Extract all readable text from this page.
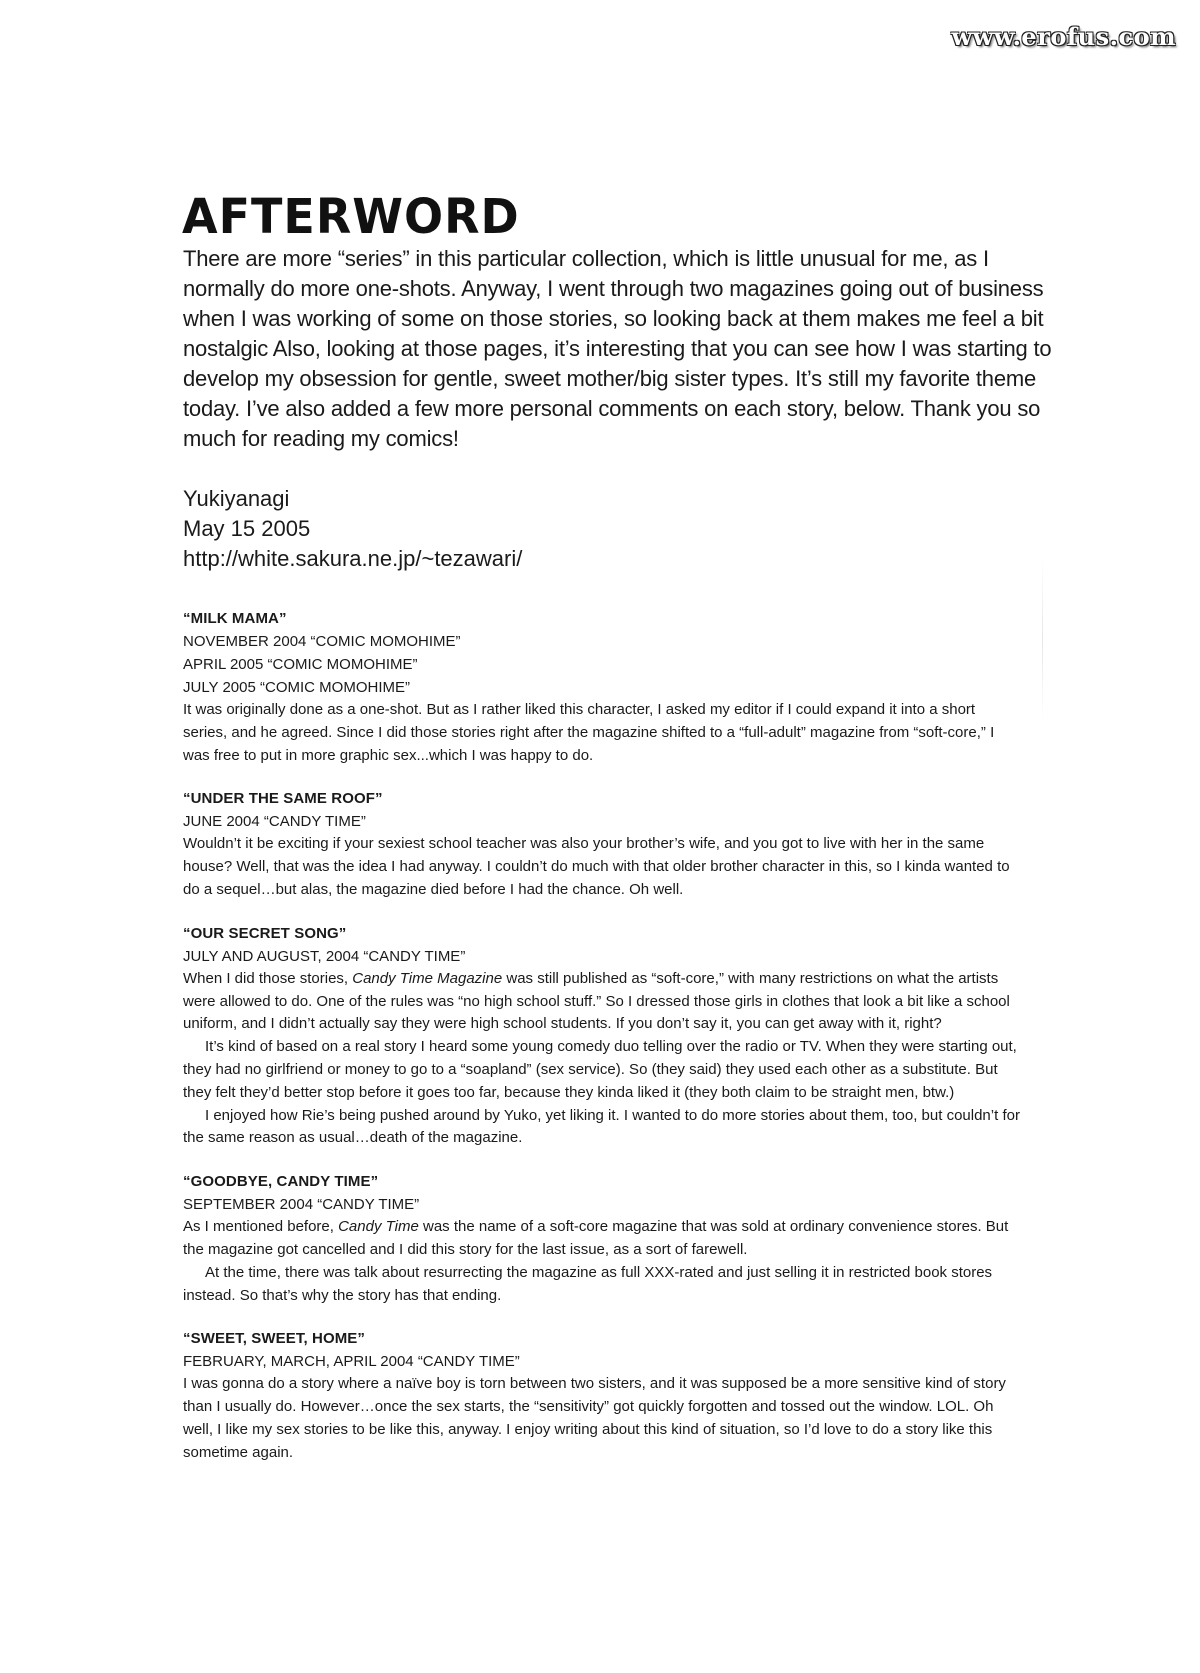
www.erofus.com
AFTERWORD

There are more “series” in this particular collection, which is little unusual for me, as I normally do more one-shots. Anyway, I went through two magazines going out of business when I was working of some on those stories, so looking back at them makes me feel a bit nostalgic Also, looking at those pages, it’s interesting that you can see how I was starting to develop my obsession for gentle, sweet mother/big sister types. It’s still my favorite theme today. I’ve also added a few more personal comments on each story, below. Thank you so much for reading my comics!

Yukiyanagi
May 15 2005
http://white.sakura.ne.jp/~tezawari/
“MILK MAMA”
NOVEMBER 2004 “COMIC MOMOHIME”
APRIL 2005 “COMIC MOMOHIME”
JULY 2005 “COMIC MOMOHIME”

It was originally done as a one-shot. But as I rather liked this character, I asked my editor if I could expand it into a short series, and he agreed. Since I did those stories right after the magazine shifted to a “full-adult” magazine from “soft-core,” I was free to put in more graphic sex...which I was happy to do.

“UNDER THE SAME ROOF”
JUNE 2004 “CANDY TIME”

Wouldn’t it be exciting if your sexiest school teacher was also your brother’s wife, and you got to live with her in the same house? Well, that was the idea I had anyway. I couldn’t do much with that older brother character in this, so I kinda wanted to do a sequel…but alas, the magazine died before I had the chance. Oh well.

“OUR SECRET SONG”
JULY AND AUGUST, 2004 “CANDY TIME”

When I did those stories, Candy Time Magazine was still published as “soft-core,” with many restrictions on what the artists were allowed to do. One of the rules was “no high school stuff.” So I dressed those girls in clothes that look a bit like a school uniform, and I didn’t actually say they were high school students. If you don’t say it, you can get away with it, right?

It’s kind of based on a real story I heard some young comedy duo telling over the radio or TV. When they were starting out, they had no girlfriend or money to go to a “soapland” (sex service). So (they said) they used each other as a substitute. But they felt they’d better stop before it goes too far, because they kinda liked it (they both claim to be straight men, btw.)

I enjoyed how Rie’s being pushed around by Yuko, yet liking it. I wanted to do more stories about them, too, but couldn’t for the same reason as usual…death of the magazine.

“GOODBYE, CANDY TIME”
SEPTEMBER 2004 “CANDY TIME”

As I mentioned before, Candy Time was the name of a soft-core magazine that was sold at ordinary convenience stores. But the magazine got cancelled and I did this story for the last issue, as a sort of farewell.

At the time, there was talk about resurrecting the magazine as full XXX-rated and just selling it in restricted book stores instead. So that’s why the story has that ending.

“SWEET, SWEET, HOME”
FEBRUARY, MARCH, APRIL 2004 “CANDY TIME”

I was gonna do a story where a naïve boy is torn between two sisters, and it was supposed be a more sensitive kind of story than I usually do. However…once the sex starts, the “sensitivity” got quickly forgotten and tossed out the window. LOL. Oh well, I like my sex stories to be like this, anyway. I enjoy writing about this kind of situation, so I’d love to do a story like this sometime again.
